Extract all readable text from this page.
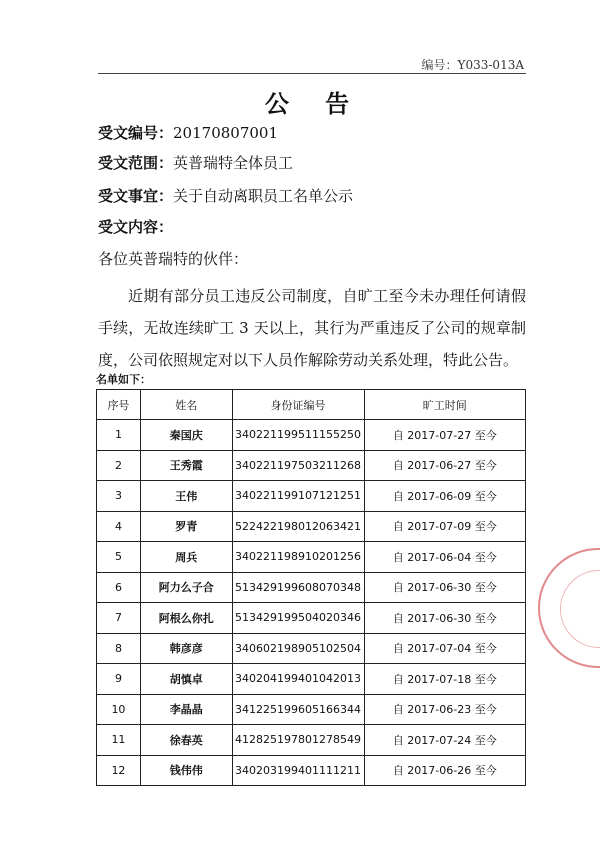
编号：Y033-013A
公 告
受文编号：20170807001
受文范围：英普瑞特全体员工
受文事宜：关于自动离职员工名单公示
受文内容：
各位英普瑞特的伙伴：
近期有部分员工违反公司制度，自旷工至今未办理任何请假手续，无故连续旷工 3 天以上，其行为严重违反了公司的规章制度，公司依照规定对以下人员作解除劳动关系处理，特此公告。
名单如下：
序号	姓名	身份证编号	旷工时间
1	秦国庆	340221199511155250	自 2017-07-27 至今
2	王秀霞	340221197503211268	自 2017-06-27 至今
3	王伟	340221199107121251	自 2017-06-09 至今
4	罗青	522422198012063421	自 2017-07-09 至今
5	周兵	340221198910201256	自 2017-06-04 至今
6	阿力么子合	513429199608070348	自 2017-06-30 至今
7	阿根么你扎	513429199504020346	自 2017-06-30 至今
8	韩彦彦	340602198905102504	自 2017-07-04 至今
9	胡慎卓	340204199401042013	自 2017-07-18 至今
10	李晶晶	341225199605166344	自 2017-06-23 至今
11	徐春英	412825197801278549	自 2017-07-24 至今
12	钱伟伟	340203199401111211	自 2017-06-26 至今
